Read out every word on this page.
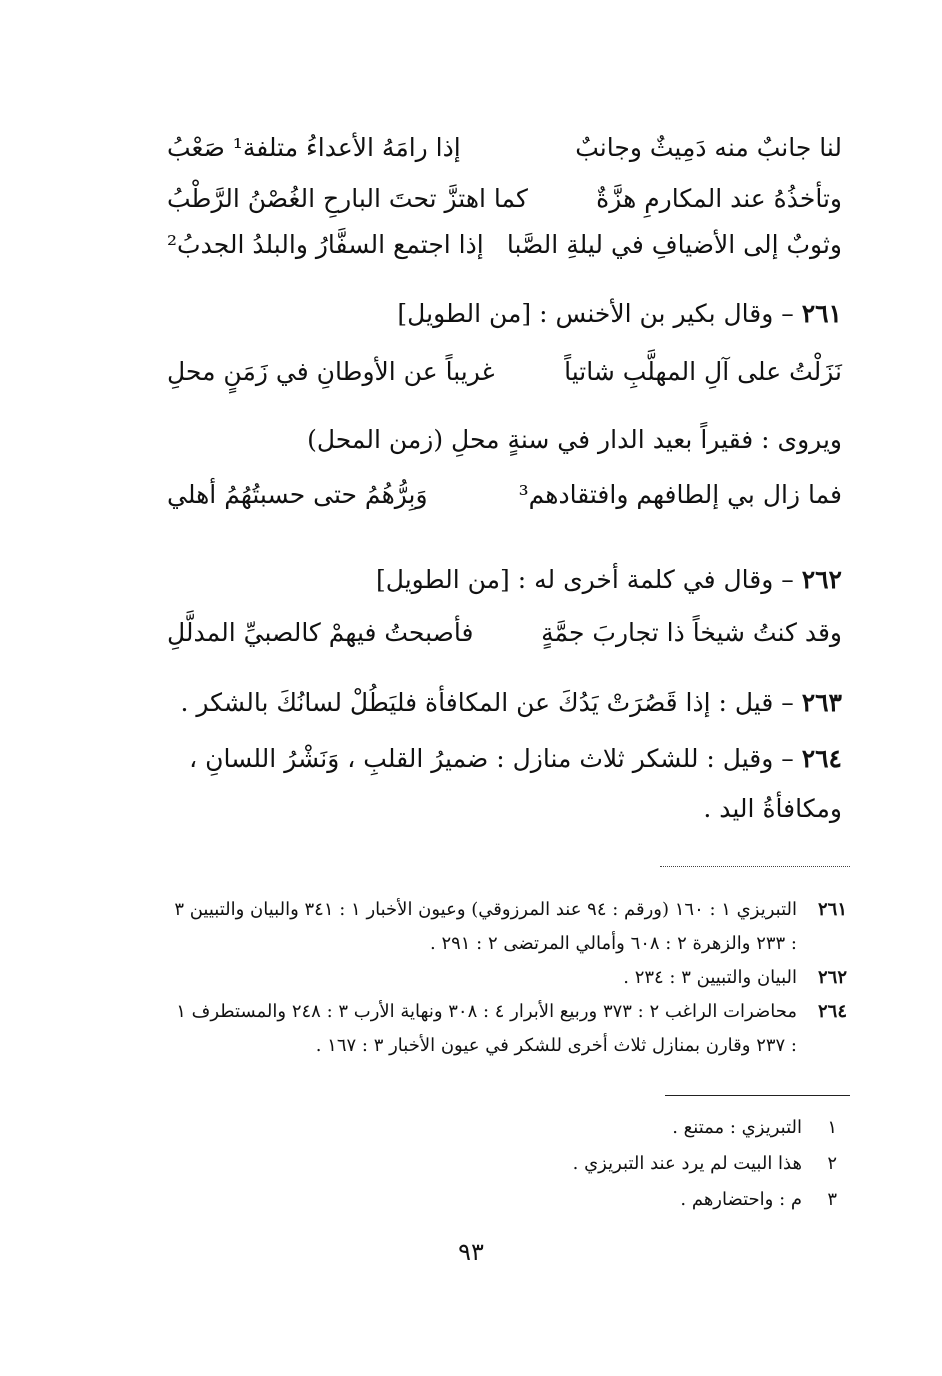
لنا جانبٌ منه دَمِيثٌ وجانبٌ
إذا رامَهُ الأعداءُ متلفة¹ صَعْبُ
وتأخذُهُ عند المكارمِ هزَّةٌ
كما اهتزَّ تحتَ البارحِ الغُصْنُ الرَّطْبُ
وثوبٌ إلى الأضيافِ في ليلةِ الصَّبا
إذا اجتمع السفَّارُ والبلدُ الجدبُ²
٢٦١ – وقال بكير بن الأخنس : [من الطويل]
نَزَلْتُ على آلِ المهلَّبِ شاتياً
غريباً عن الأوطانِ في زَمَنٍ محلِ
ويروى : فقيراً بعيد الدار في سنةٍ محلِ (زمن المحل)
فما زال بي إلطافهم وافتقادهم³
وَبِرُّهُمُ حتى حسبتُهُمُ أهلي
٢٦٢ – وقال في كلمة أخرى له : [من الطويل]
وقد كنتُ شيخاً ذا تجاربَ جمَّةٍ
فأصبحتُ فيهمْ كالصبيِّ المدلَّلِ
٢٦٣ – قيل : إذا قَصُرَتْ يَدُكَ عن المكافأة فليَطُلْ لسانُكَ بالشكر .
٢٦٤ – وقيل : للشكر ثلاث منازل : ضميرُ القلبِ ، وَنَشْرُ اللسانِ ، ومكافأةُ اليد .
٢٦١
التبريزي ١ : ١٦٠ (ورقم : ٩٤ عند المرزوقي) وعيون الأخبار ١ : ٣٤١ والبيان والتبيين ٣ : ٢٣٣ والزهرة ٢ : ٦٠٨ وأمالي المرتضى ٢ : ٢٩١ .
٢٦٢
البيان والتبيين ٣ : ٢٣٤ .
٢٦٤
محاضرات الراغب ٢ : ٣٧٣ وربيع الأبرار ٤ : ٣٠٨ ونهاية الأرب ٣ : ٢٤٨ والمستطرف ١ : ٢٣٧ وقارن بمنازل ثلاث أخرى للشكر في عيون الأخبار ٣ : ١٦٧ .
١
التبريزي : ممتنع .
٢
هذا البيت لم يرد عند التبريزي .
٣
م : واحتضارهم .
٩٣
